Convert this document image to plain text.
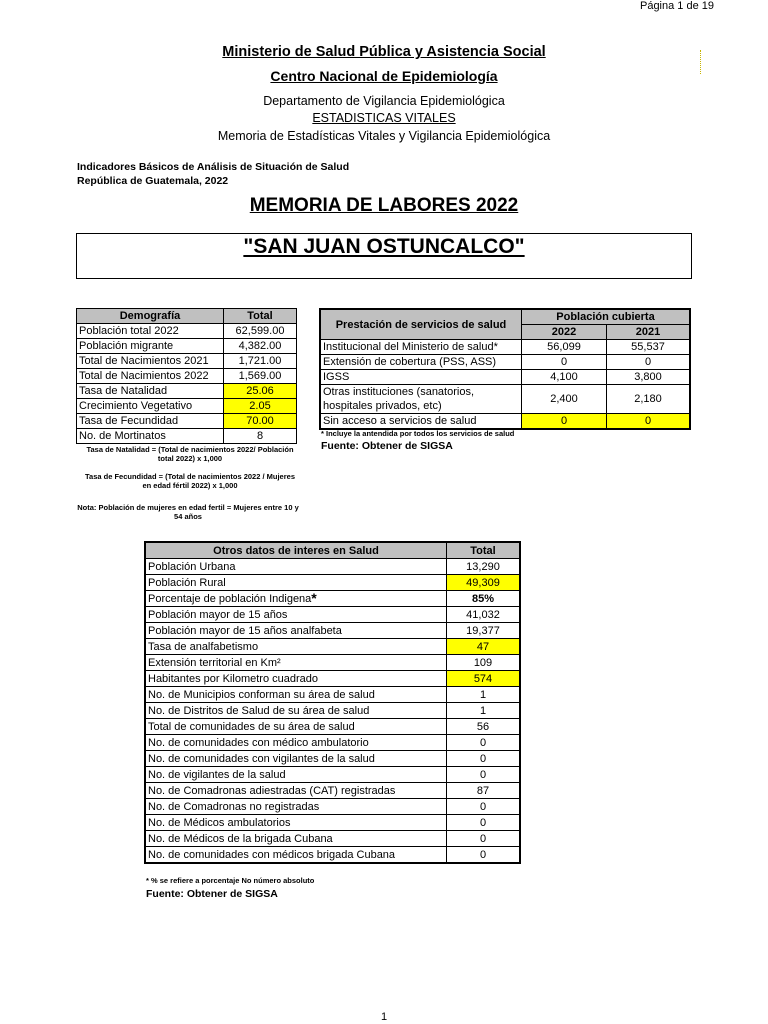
Página 1 de 19
Ministerio de Salud Pública y Asistencia Social
Centro Nacional de Epidemiología
Departamento de Vigilancia Epidemiológica
ESTADISTICAS VITALES
Memoria de Estadísticas Vitales y Vigilancia Epidemiológica
Indicadores Básicos de Análisis de Situación de Salud
República de Guatemala, 2022
MEMORIA DE LABORES 2022
"SAN JUAN OSTUNCALCO"
Demografía	Total
Población total 2022	62,599.00
Población migrante	4,382.00
Total de Nacimientos 2021	1,721.00
Total de Nacimientos 2022	1,569.00
Tasa de Natalidad	25.06
Crecimiento Vegetativo	2.05
Tasa de Fecundidad	70.00
No. de Mortinatos	8
Tasa de Natalidad = (Total de nacimientos 2022/ Población total 2022) x 1,000
Tasa de Fecundidad = (Total de nacimientos 2022 / Mujeres en edad fértil 2022) x 1,000
Nota: Población de mujeres en edad fertil = Mujeres entre 10 y 54 años
Prestación de servicios de salud	Población cubierta	
	2022	2021
Institucional del Ministerio de salud*	56,099	55,537
Extensión de cobertura (PSS, ASS)	0	0
IGSS	4,100	3,800
Otras instituciones (sanatorios, hospitales privados, etc)	2,400	2,180
Sin acceso a servicios de salud	0	0
* Incluye la antendida por todos los servicios de salud
Fuente: Obtener de SIGSA
Otros datos de interes en Salud	Total
Población Urbana	13,290
Población Rural	49,309
Porcentaje de población Indigena*	85%
Población mayor de 15 años	41,032
Población mayor de 15 años analfabeta	19,377
Tasa de analfabetismo	47
Extensión territorial en Km²	109
Habitantes por Kilometro cuadrado	574
No. de Municipios conforman su área de salud	1
No. de Distritos de Salud de su área de salud	1
Total de comunidades de su área de salud	56
No. de comunidades con médico ambulatorio	0
No. de comunidades con vigilantes de la salud	0
No. de vigilantes de la salud	0
No. de Comadronas adiestradas (CAT) registradas	87
No. de Comadronas no registradas	0
No. de Médicos ambulatorios	0
No. de Médicos de la brigada Cubana	0
No. de comunidades con médicos brigada Cubana	0
* % se refiere a porcentaje No número absoluto
Fuente: Obtener de SIGSA
1
